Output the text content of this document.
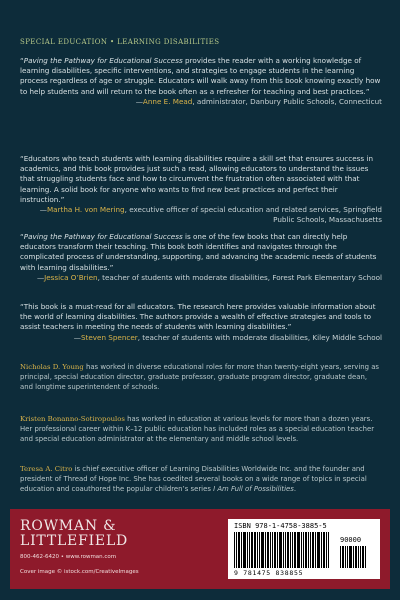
SPECIAL EDUCATION • LEARNING DISABILITIES
“Paving the Pathway for Educational Success provides the reader with a working knowledge of learning disabilities, specific interventions, and strategies to engage students in the learning process regardless of age or struggle. Educators will walk away from this book knowing exactly how to help students and will return to the book often as a refresher for teaching and best practices.”
—Anne E. Mead, administrator, Danbury Public Schools, Connecticut
“Educators who teach students with learning disabilities require a skill set that ensures success in academics, and this book provides just such a read, allowing educators to understand the issues that struggling students face and how to circumvent the frustration often associated with that learning. A solid book for anyone who wants to find new best practices and perfect their instruction.”
—Martha H. von Mering, executive officer of special education and related services, Springfield Public Schools, Massachusetts
“Paving the Pathway for Educational Success is one of the few books that can directly help educators transform their teaching. This book both identifies and navigates through the complicated process of understanding, supporting, and advancing the academic needs of students with learning disabilities.”
—Jessica O’Brien, teacher of students with moderate disabilities, Forest Park Elementary School
“This book is a must-read for all educators. The research here provides valuable information about the world of learning disabilities. The authors provide a wealth of effective strategies and tools to assist teachers in meeting the needs of students with learning disabilities.”
—Steven Spencer, teacher of students with moderate disabilities, Kiley Middle School
Nicholas D. Young has worked in diverse educational roles for more than twenty-eight years, serving as principal, special education director, graduate professor, graduate program director, graduate dean, and longtime superintendent of schools.
Kristen Bonanno-Sotiropoulos has worked in education at various levels for more than a dozen years. Her professional career within K–12 public education has included roles as a special education teacher and special education administrator at the elementary and middle school levels.
Teresa A. Citro is chief executive officer of Learning Disabilities Worldwide Inc. and the founder and president of Thread of Hope Inc. She has coedited several books on a wide range of topics in special education and coauthored the popular children’s series I Am Full of Possibilities.
ROWMAN &
LITTLEFIELD
800-462-6420 • www.rowman.com
Cover image © istock.com/CreativeImages
ISBN 978-1-4758-3885-5
90000
9 781475 838855
